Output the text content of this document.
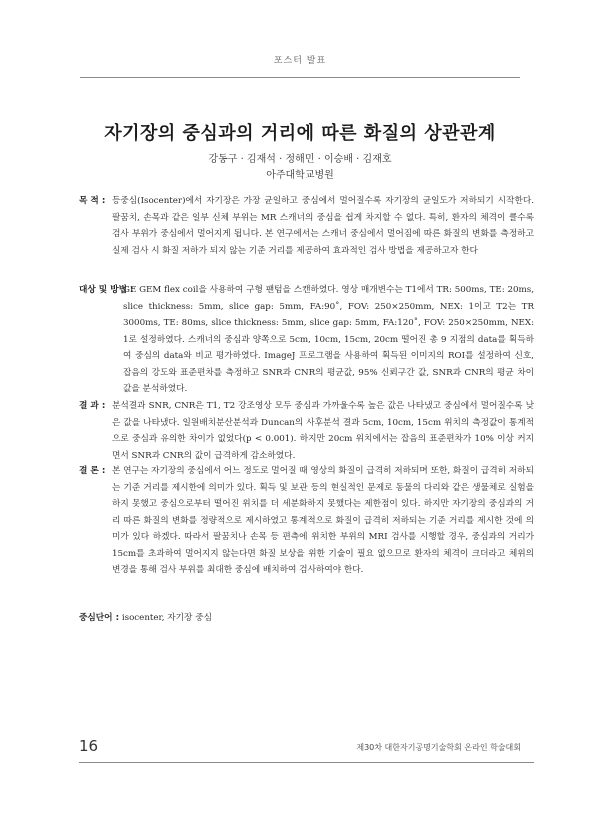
포스터 발표
자기장의 중심과의 거리에 따른 화질의 상관관계
강동구 · 김재석 · 정해민 · 이승배 · 김재호
아주대학교병원
목 적 : 등중심(Isocenter)에서 자기장은 가장 균일하고 중심에서 멀어질수록 자기장의 균일도가 저하되기 시작한다. 팔꿈치, 손목과 같은 일부 신체 부위는 MR 스캐너의 중심을 쉽게 차지할 수 없다. 특히, 환자의 체격이 클수록 검사 부위가 중심에서 멀어지게 됩니다. 본 연구에서는 스캐너 중심에서 멀어짐에 따른 화질의 변화를 측정하고 실제 검사 시 화질 저하가 되지 않는 기준 거리를 제공하여 효과적인 검사 방법을 제공하고자 한다
대상 및 방법 :
GE GEM flex coil을 사용하여 구형 팬텀을 스캔하였다. 영상 매개변수는 T1에서 TR: 500ms, TE: 20ms, slice thickness: 5mm, slice gap: 5mm, FA:90˚, FOV: 250×250mm, NEX: 1이고 T2는 TR 3000ms, TE: 80ms, slice thickness: 5mm, slice gap: 5mm, FA:120˚, FOV: 250×250mm, NEX: 1로 설정하였다. 스캐너의 중심과 양쪽으로 5cm, 10cm, 15cm, 20cm 떨어진 총 9 지점의 data를 획득하여 중심의 data와 비교 평가하였다. ImageJ 프로그램을 사용하여 획득된 이미지의 ROI를 설정하여 신호, 잡음의 강도와 표준편차를 측정하고 SNR과 CNR의 평균값, 95% 신뢰구간 값, SNR과 CNR의 평균 차이 값을 분석하였다.
결 과 : 분석결과 SNR, CNR은 T1, T2 강조영상 모두 중심과 가까울수록 높은 값은 나타냈고 중심에서 멀어질수록 낮은 값을 나타냈다. 일원배치분산분석과 Duncan의 사후분석 결과 5cm, 10cm, 15cm 위치의 측정값이 통계적으로 중심과 유의한 차이가 없었다(p < 0.001). 하지만 20cm 위치에서는 잡음의 표준편차가 10% 이상 커지면서 SNR과 CNR의 값이 급격하게 감소하였다.
결 론 : 본 연구는 자기장의 중심에서 어느 정도로 멀어질 때 영상의 화질이 급격히 저하되며 또한, 화질이 급격히 저하되는 기준 거리를 제시한에 의미가 있다. 획득 및 보관 등의 현실적인 문제로 동물의 다리와 같은 생물체로 실험을 하지 못했고 중심으로부터 떨어진 위치를 더 세분화하지 못했다는 제한점이 있다. 하지만 자기장의 중심과의 거리 따른 화질의 변화를 정량적으로 제시하였고 통계적으로 화질이 급격히 저하되는 기준 거리를 제시한 것에 의미가 있다 하겠다. 따라서 팔꿈치나 손목 등 편측에 위치한 부위의 MRI 검사를 시행할 경우, 중심과의 거리가 15cm를 초과하여 멀어지지 않는다면 화질 보상을 위한 기술이 필요 없으므로 환자의 체격이 크더라고 체위의 변경을 통해 검사 부위를 최대한 중심에 배치하여 검사하여야 한다.
중심단어 : isocenter, 자기장 중심
16	제30차 대한자기공명기술학회 온라인 학술대회
